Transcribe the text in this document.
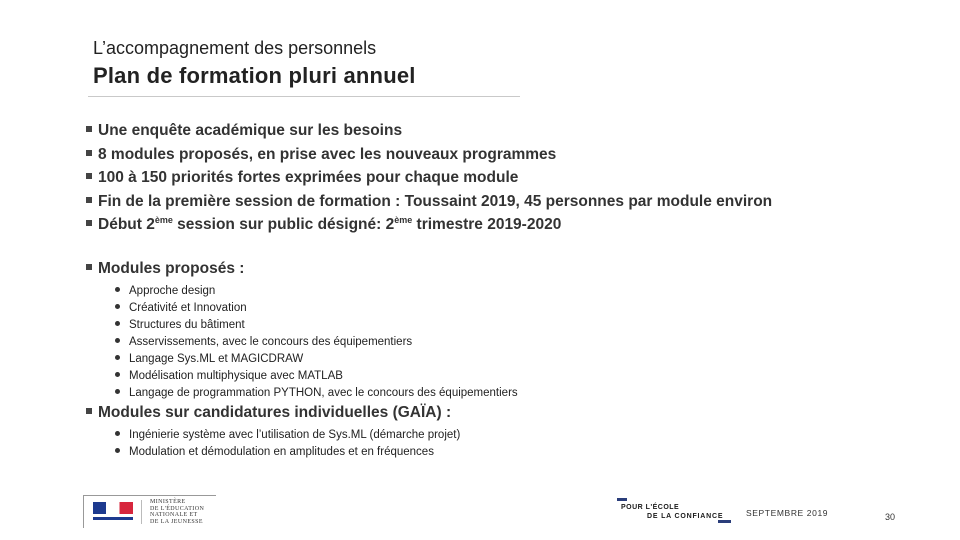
L’accompagnement des personnels
Plan de formation pluri annuel
Une enquête académique sur les besoins
8 modules proposés, en prise avec les nouveaux programmes
100 à 150 priorités fortes exprimées pour chaque module
Fin de la première session de formation : Toussaint 2019, 45 personnes par module environ
Début 2ème session sur public désigné: 2ème trimestre 2019-2020
Modules proposés :
Approche design
Créativité et Innovation
Structures du bâtiment
Asservissements, avec le concours des équipementiers
Langage Sys.ML et MAGICDRAW
Modélisation multiphysique avec MATLAB
Langage de programmation PYTHON, avec le concours des équipementiers
Modules sur candidatures individuelles (GAÏA) :
Ingénierie système avec l’utilisation de Sys.ML (démarche projet)
Modulation et démodulation en amplitudes et en fréquences
MINISTÈRE
DE L'ÉDUCATION
NATIONALE ET
DE LA JEUNESSE
POUR L'ÉCOLE
DE LA CONFIANCE	SEPTEMBRE 2019	30
